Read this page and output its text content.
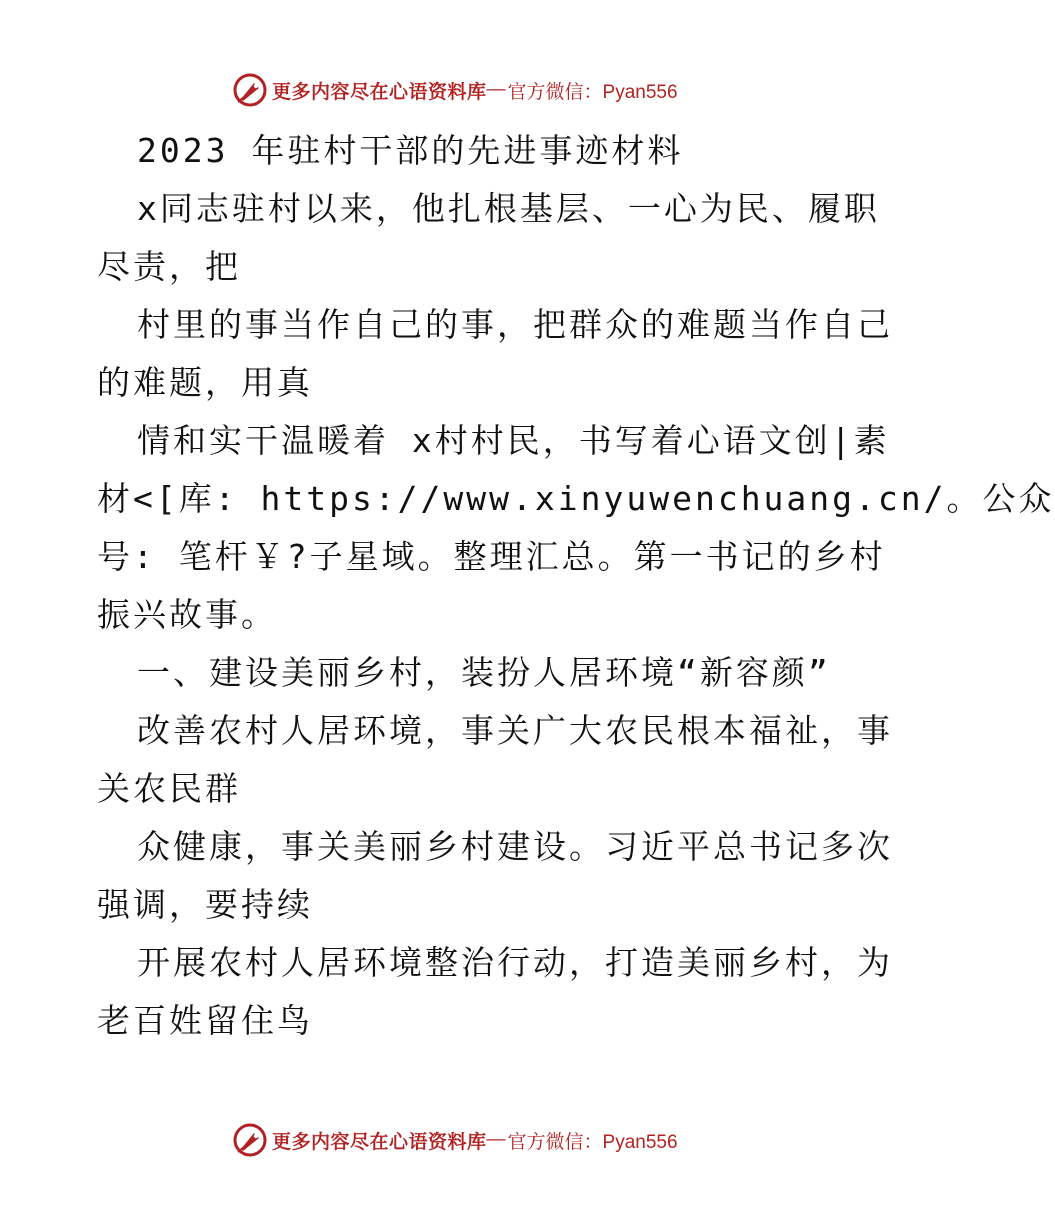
更多内容尽在心语资料库 — 官方微信：Pyan556
2023 年驻村干部的先进事迹材料
x同志驻村以来，他扎根基层、一心为民、履职
尽责，把
村里的事当作自己的事，把群众的难题当作自己
的难题，用真
情和实干温暖着 x村村民，书写着心语文创|素
材<[库: https://www.xinyuwenchuang.cn/。公众
号: 笔杆￥?子星域。整理汇总。第一书记的乡村
振兴故事。
一、建设美丽乡村，装扮人居环境“新容颜”
改善农村人居环境，事关广大农民根本福祉，事
关农民群
众健康，事关美丽乡村建设。习近平总书记多次
强调，要持续
开展农村人居环境整治行动，打造美丽乡村，为
老百姓留住鸟
更多内容尽在心语资料库 — 官方微信：Pyan556
